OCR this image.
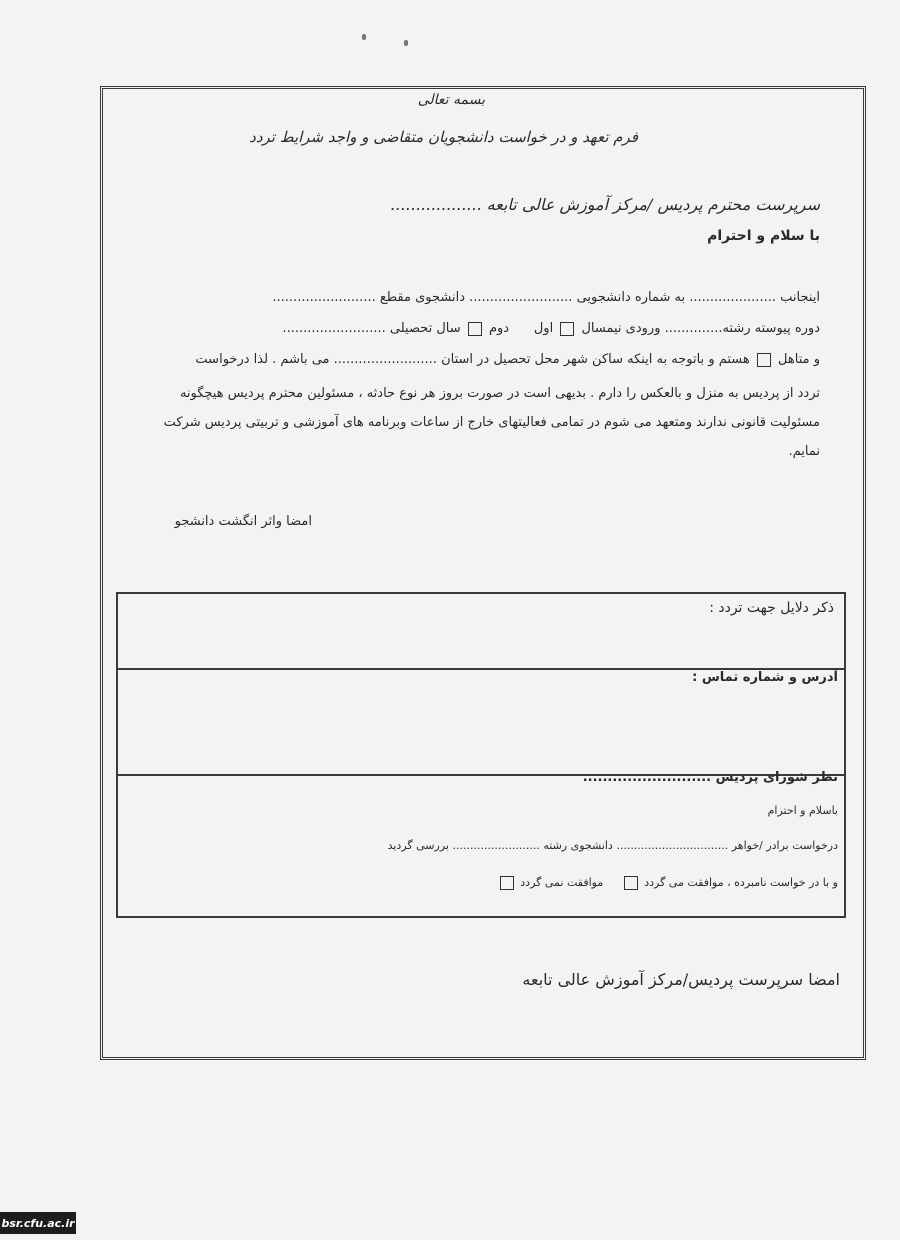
بسمه تعالی
فرم تعهد و در خواست دانشجویان متقاضی و واجد شرایط تردد
سرپرست محترم پردیس /مرکز آموزش عالی تابعه ..................
با سلام و احترام
اینجانب ..................... به شماره دانشجویی ......................... دانشجوی مقطع .........................
دوره پیوسته رشته.............. ورودی نیمسال  اول      دوم  سال تحصیلی .........................
و متاهل  هستم و باتوجه به اینکه ساکن شهر محل تحصیل در استان ......................... می باشم . لذا درخواست
تردد از پردیس به منزل و بالعکس را دارم . بدیهی است در صورت بروز هر نوع حادثه ، مسئولین محترم پردیس هیچگونه
مسئولیت قانونی ندارند ومتعهد می شوم در تمامی فعالیتهای خارج از ساعات وبرنامه های آموزشی و تربیتی پردیس شرکت
نمایم.
امضا واثر انگشت دانشجو
ذکر دلایل جهت تردد :
آدرس و شماره تماس :
نظر شورای پردیس ..........................
باسلام و احترام
درخواست برادر /خواهر ................................ دانشجوی رشته ......................... بررسی گردید
و با در خواست نامبرده ، موافقت می گردد      موافقت نمی گردد
امضا سرپرست پردیس/مرکز آموزش عالی تابعه
bsr.cfu.ac.ir
